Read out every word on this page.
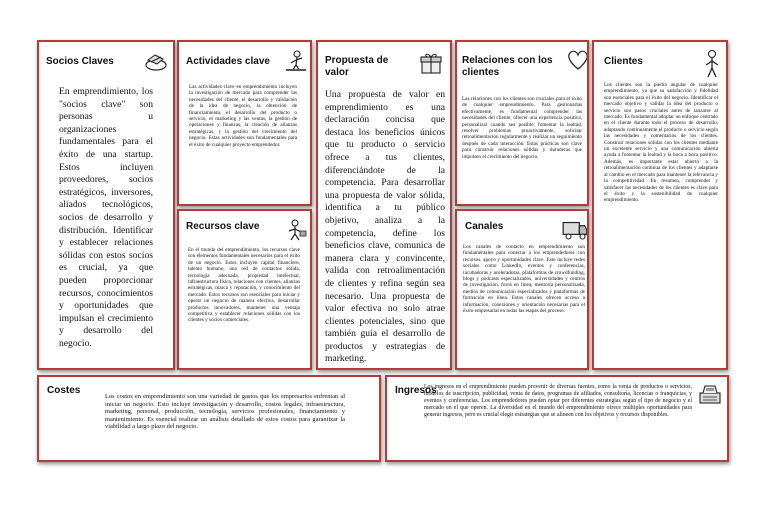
Socios Claves

En emprendimiento, los "socios clave" son personas u organizaciones fundamentales para el éxito de una startup. Estos incluyen proveedores, socios estratégicos, inversores, aliados tecnológicos, socios de desarrollo y distribución. Identificar y establecer relaciones sólidas con estos socios es crucial, ya que pueden proporcionar recursos, conocimientos y oportunidades que impulsan el crecimiento y desarrollo del negocio.

Actividades clave

Las actividades clave en emprendimiento incluyen la investigación de mercado para comprender las necesidades del cliente, el desarrollo y validación de la idea de negocio, la obtención de financiamiento, el desarrollo del producto o servicio, el marketing y las ventas, la gestión de operaciones y finanzas, la creación de alianzas estratégicas, y la gestión del crecimiento del negocio. Estas actividades son fundamentales para el éxito de cualquier proyecto emprendedor.

Recursos clave

En el mundo del emprendimiento, los recursos clave son elementos fundamentales necesarios para el éxito de un negocio. Estos incluyen capital financiero, talento humano, una red de contactos sólida, tecnología adecuada, propiedad intelectual, infraestructura física, relaciones con clientes, alianzas estratégicas, marca y reputación, y conocimiento del mercado. Estos recursos son esenciales para iniciar y operar un negocio de manera efectiva, desarrollar productos innovadores, mantener una ventaja competitiva y establecer relaciones sólidas con los clientes y socios comerciales.

Propuesta de valor

Una propuesta de valor en emprendimiento es una declaración concisa que destaca los beneficios únicos que tu producto o servicio ofrece a tus clientes, diferenciándote de la competencia. Para desarrollar una propuesta de valor sólida, identifica a tu público objetivo, analiza a la competencia, define los beneficios clave, comunica de manera clara y convincente, valida con retroalimentación de clientes y refina según sea necesario. Una propuesta de valor efectiva no solo atrae clientes potenciales, sino que también guía el desarrollo de productos y estrategias de marketing.

Relaciones con los clientes

Las relaciones con los clientes son cruciales para el éxito de cualquier emprendimiento. Para gestionarlas efectivamente, es fundamental comprender las necesidades del cliente, ofrecer una experiencia positiva, personalizar cuando sea posible, fomentar la lealtad, resolver problemas proactivamente, solicitar retroalimentación regularmente y realizar un seguimiento después de cada interacción. Estas prácticas son clave para construir relaciones sólidas y duraderas que impulsen el crecimiento del negocio.

Canales

Los canales de contacto en emprendimiento son fundamentales para conectar a los emprendedores con recursos, apoyo y oportunidades clave. Esto incluye redes sociales como LinkedIn, eventos y conferencias, incubadoras y aceleradoras, plataformas de crowdfunding, blogs y podcasts especializados, universidades y centros de investigación, foros en línea, mentoría personalizada, medios de comunicación especializados y plataformas de formación en línea. Estos canales ofrecen acceso a información, conexiones y orientación necesarias para el éxito empresarial en todas las etapas del proceso.

Clientes

Los clientes son la piedra angular de cualquier emprendimiento, ya que su satisfacción y fidelidad son esenciales para el éxito del negocio. Identificar el mercado objetivo y validar la idea del producto o servicio son pasos cruciales antes de lanzarse al mercado. Es fundamental adoptar un enfoque centrado en el cliente durante todo el proceso de desarrollo, adaptando continuamente el producto o servicio según las necesidades y comentarios de los clientes. Construir relaciones sólidas con los clientes mediante un excelente servicio y una comunicación abierta ayuda a fomentar la lealtad y la boca a boca positivo. Además, es importante estar abierto a la retroalimentación continua de los clientes y adaptarse al cambio en el mercado para mantener la relevancia y la competitividad. En resumen, comprender y satisfacer las necesidades de los clientes es clave para el éxito y la sostenibilidad de cualquier emprendimiento.

Costes

Los costos en emprendimiento son una variedad de gastos que los empresarios enfrentan al iniciar un negocio. Esto incluye investigación y desarrollo, costos legales, infraestructura, marketing, personal, producción, tecnología, servicios profesionales, financiamiento y mantenimiento. Es esencial realizar un análisis detallado de estos costos para garantizar la viabilidad a largo plazo del negocio.

Ingresos

Los ingresos en el emprendimiento pueden provenir de diversas fuentes, como la venta de productos o servicios, modelos de suscripción, publicidad, venta de datos, programas de afiliados, consultoría, licencias o franquicias, y eventos y conferencias. Los emprendedores pueden optar por diferentes estrategias según el tipo de negocio y el mercado en el que operen. La diversidad en el mundo del emprendimiento ofrece múltiples oportunidades para generar ingresos, pero es crucial elegir estrategias que se alineen con los objetivos y recursos disponibles.
